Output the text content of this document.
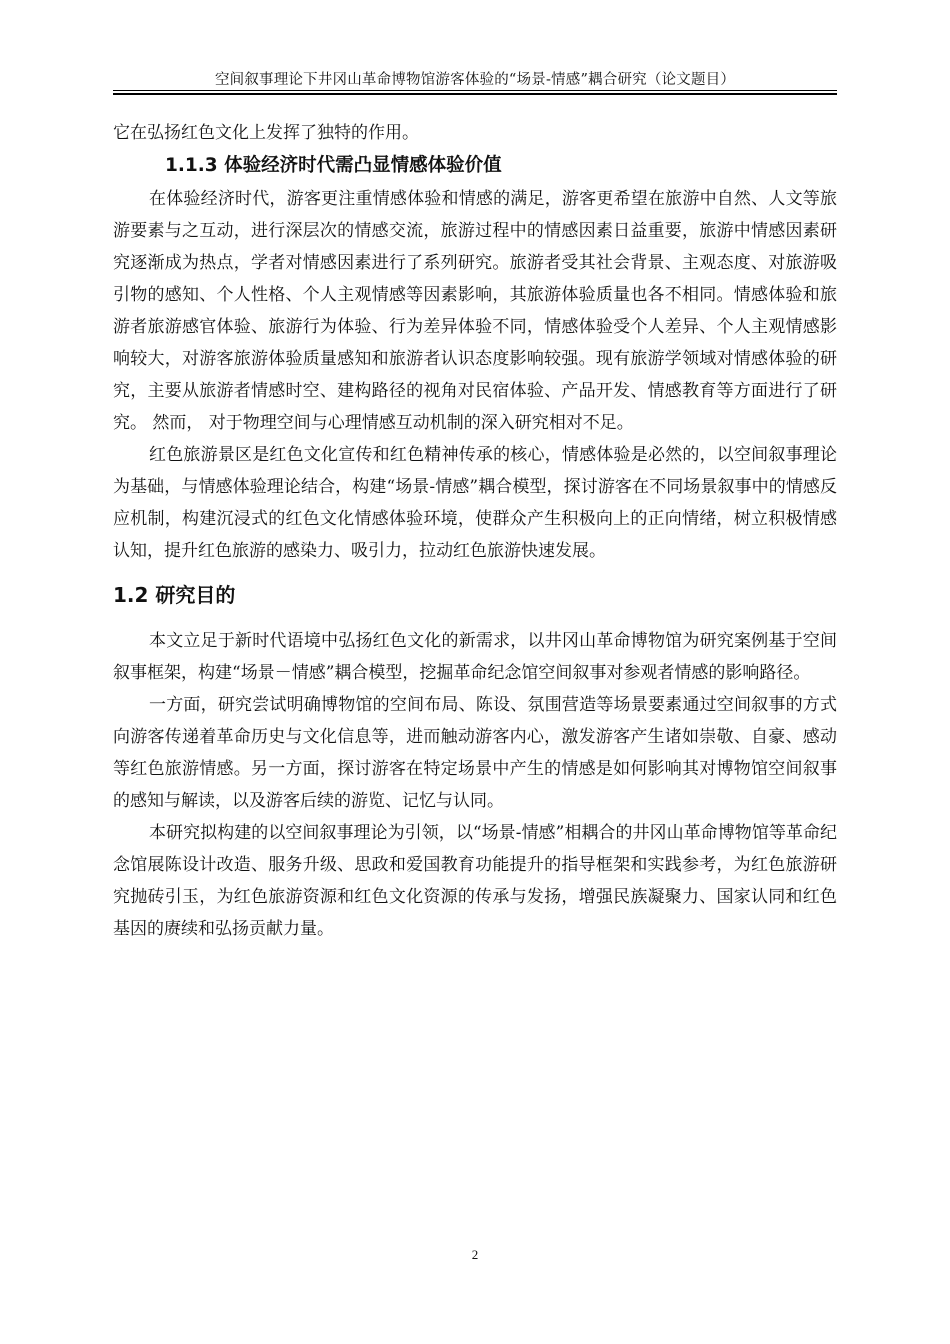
空间叙事理论下井冈山革命博物馆游客体验的“场景-情感”耦合研究（论文题目）

它在弘扬红色文化上发挥了独特的作用。

1.1.3 体验经济时代需凸显情感体验价值

在体验经济时代，游客更注重情感体验和情感的满足，游客更希望在旅游中自然、人文等旅游要素与之互动，进行深层次的情感交流，旅游过程中的情感因素日益重要，旅游中情感因素研究逐渐成为热点，学者对情感因素进行了系列研究。旅游者受其社会背景、主观态度、对旅游吸引物的感知、个人性格、个人主观情感等因素影响，其旅游体验质量也各不相同。情感体验和旅游者旅游感官体验、旅游行为体验、行为差异体验不同，情感体验受个人差异、个人主观情感影响较大，对游客旅游体验质量感知和旅游者认识态度影响较强。现有旅游学领域对情感体验的研究，主要从旅游者情感时空、建构路径的视角对民宿体验、产品开发、情感教育等方面进行了研究。 然而， 对于物理空间与心理情感互动机制的深入研究相对不足。

红色旅游景区是红色文化宣传和红色精神传承的核心，情感体验是必然的，以空间叙事理论为基础，与情感体验理论结合，构建“场景-情感”耦合模型，探讨游客在不同场景叙事中的情感反应机制，构建沉浸式的红色文化情感体验环境，使群众产生积极向上的正向情绪，树立积极情感认知，提升红色旅游的感染力、吸引力，拉动红色旅游快速发展。

1.2 研究目的

本文立足于新时代语境中弘扬红色文化的新需求，以井冈山革命博物馆为研究案例基于空间叙事框架，构建“场景－情感”耦合模型，挖掘革命纪念馆空间叙事对参观者情感的影响路径。

一方面，研究尝试明确博物馆的空间布局、陈设、氛围营造等场景要素通过空间叙事的方式向游客传递着革命历史与文化信息等，进而触动游客内心，激发游客产生诸如崇敬、自豪、感动等红色旅游情感。另一方面，探讨游客在特定场景中产生的情感是如何影响其对博物馆空间叙事的感知与解读，以及游客后续的游览、记忆与认同。

本研究拟构建的以空间叙事理论为引领，以“场景-情感”相耦合的井冈山革命博物馆等革命纪念馆展陈设计改造、服务升级、思政和爱国教育功能提升的指导框架和实践参考，为红色旅游研究抛砖引玉，为红色旅游资源和红色文化资源的传承与发扬，增强民族凝聚力、国家认同和红色基因的赓续和弘扬贡献力量。

2
